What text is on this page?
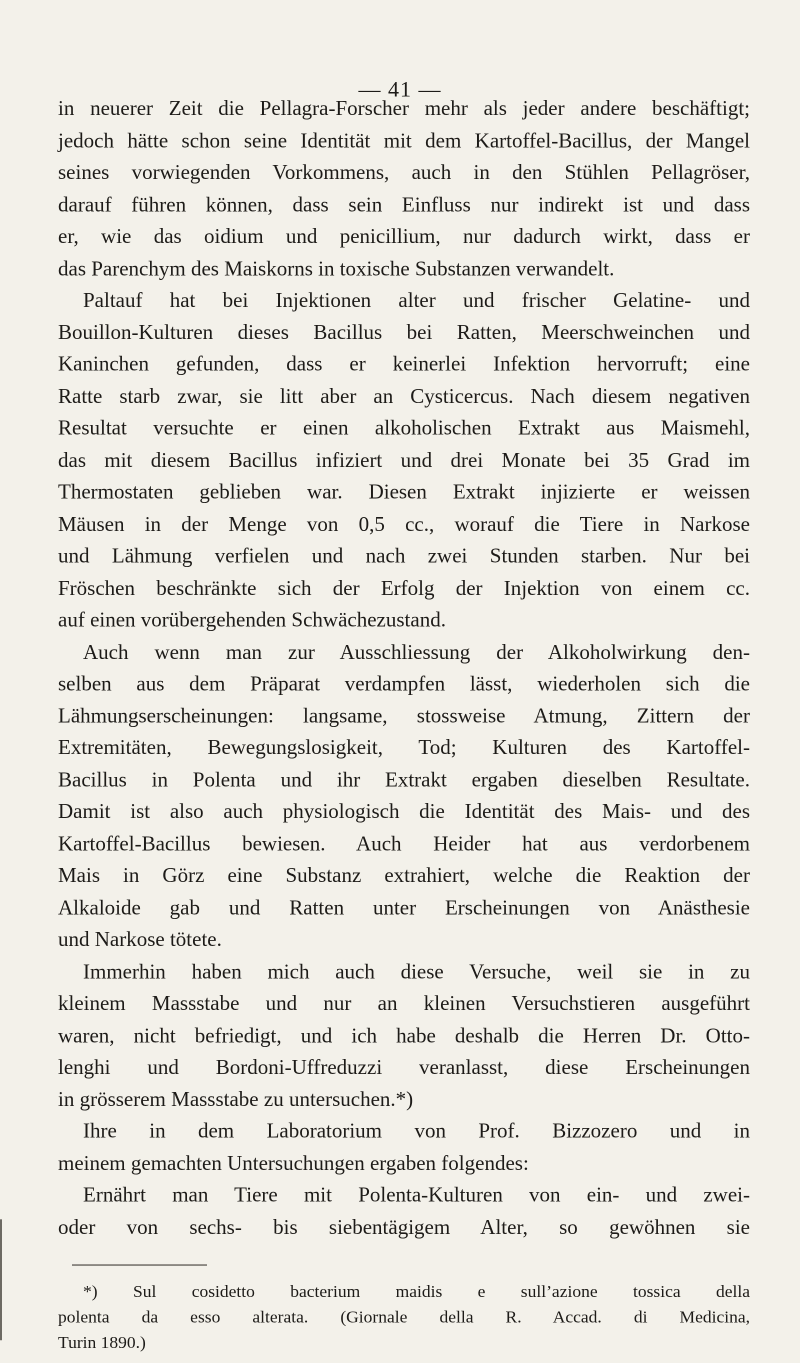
— 41 —
in neuerer Zeit die Pellagra-Forscher mehr als jeder andere beschäftigt;
jedoch hätte schon seine Identität mit dem Kartoffel-Bacillus, der Mangel
seines vorwiegenden Vorkommens, auch in den Stühlen Pellagröser,
darauf führen können, dass sein Einfluss nur indirekt ist und dass
er, wie das oidium und penicillium, nur dadurch wirkt, dass er
das Parenchym des Maiskorns in toxische Substanzen verwandelt.
Paltauf hat bei Injektionen alter und frischer Gelatine- und
Bouillon-Kulturen dieses Bacillus bei Ratten, Meerschweinchen und
Kaninchen gefunden, dass er keinerlei Infektion hervorruft; eine
Ratte starb zwar, sie litt aber an Cysticercus. Nach diesem negativen
Resultat versuchte er einen alkoholischen Extrakt aus Maismehl,
das mit diesem Bacillus infiziert und drei Monate bei 35 Grad im
Thermostaten geblieben war. Diesen Extrakt injizierte er weissen
Mäusen in der Menge von 0,5 cc., worauf die Tiere in Narkose
und Lähmung verfielen und nach zwei Stunden starben. Nur bei
Fröschen beschränkte sich der Erfolg der Injektion von einem cc.
auf einen vorübergehenden Schwächezustand.
Auch wenn man zur Ausschliessung der Alkoholwirkung den-
selben aus dem Präparat verdampfen lässt, wiederholen sich die
Lähmungserscheinungen: langsame, stossweise Atmung, Zittern der
Extremitäten, Bewegungslosigkeit, Tod; Kulturen des Kartoffel-
Bacillus in Polenta und ihr Extrakt ergaben dieselben Resultate.
Damit ist also auch physiologisch die Identität des Mais- und des
Kartoffel-Bacillus bewiesen. Auch Heider hat aus verdorbenem
Mais in Görz eine Substanz extrahiert, welche die Reaktion der
Alkaloide gab und Ratten unter Erscheinungen von Anästhesie
und Narkose tötete.
Immerhin haben mich auch diese Versuche, weil sie in zu
kleinem Massstabe und nur an kleinen Versuchstieren ausgeführt
waren, nicht befriedigt, und ich habe deshalb die Herren Dr. Otto-
lenghi und Bordoni-Uffreduzzi veranlasst, diese Erscheinungen
in grösserem Massstabe zu untersuchen.*)
Ihre in dem Laboratorium von Prof. Bizzozero und in
meinem gemachten Untersuchungen ergaben folgendes:
Ernährt man Tiere mit Polenta-Kulturen von ein- und zwei-
oder von sechs- bis siebentägigem Alter, so gewöhnen sie
*) Sul cosidetto bacterium maidis e sull’azione tossica della
polenta da esso alterata. (Giornale della R. Accad. di Medicina,
Turin 1890.)
